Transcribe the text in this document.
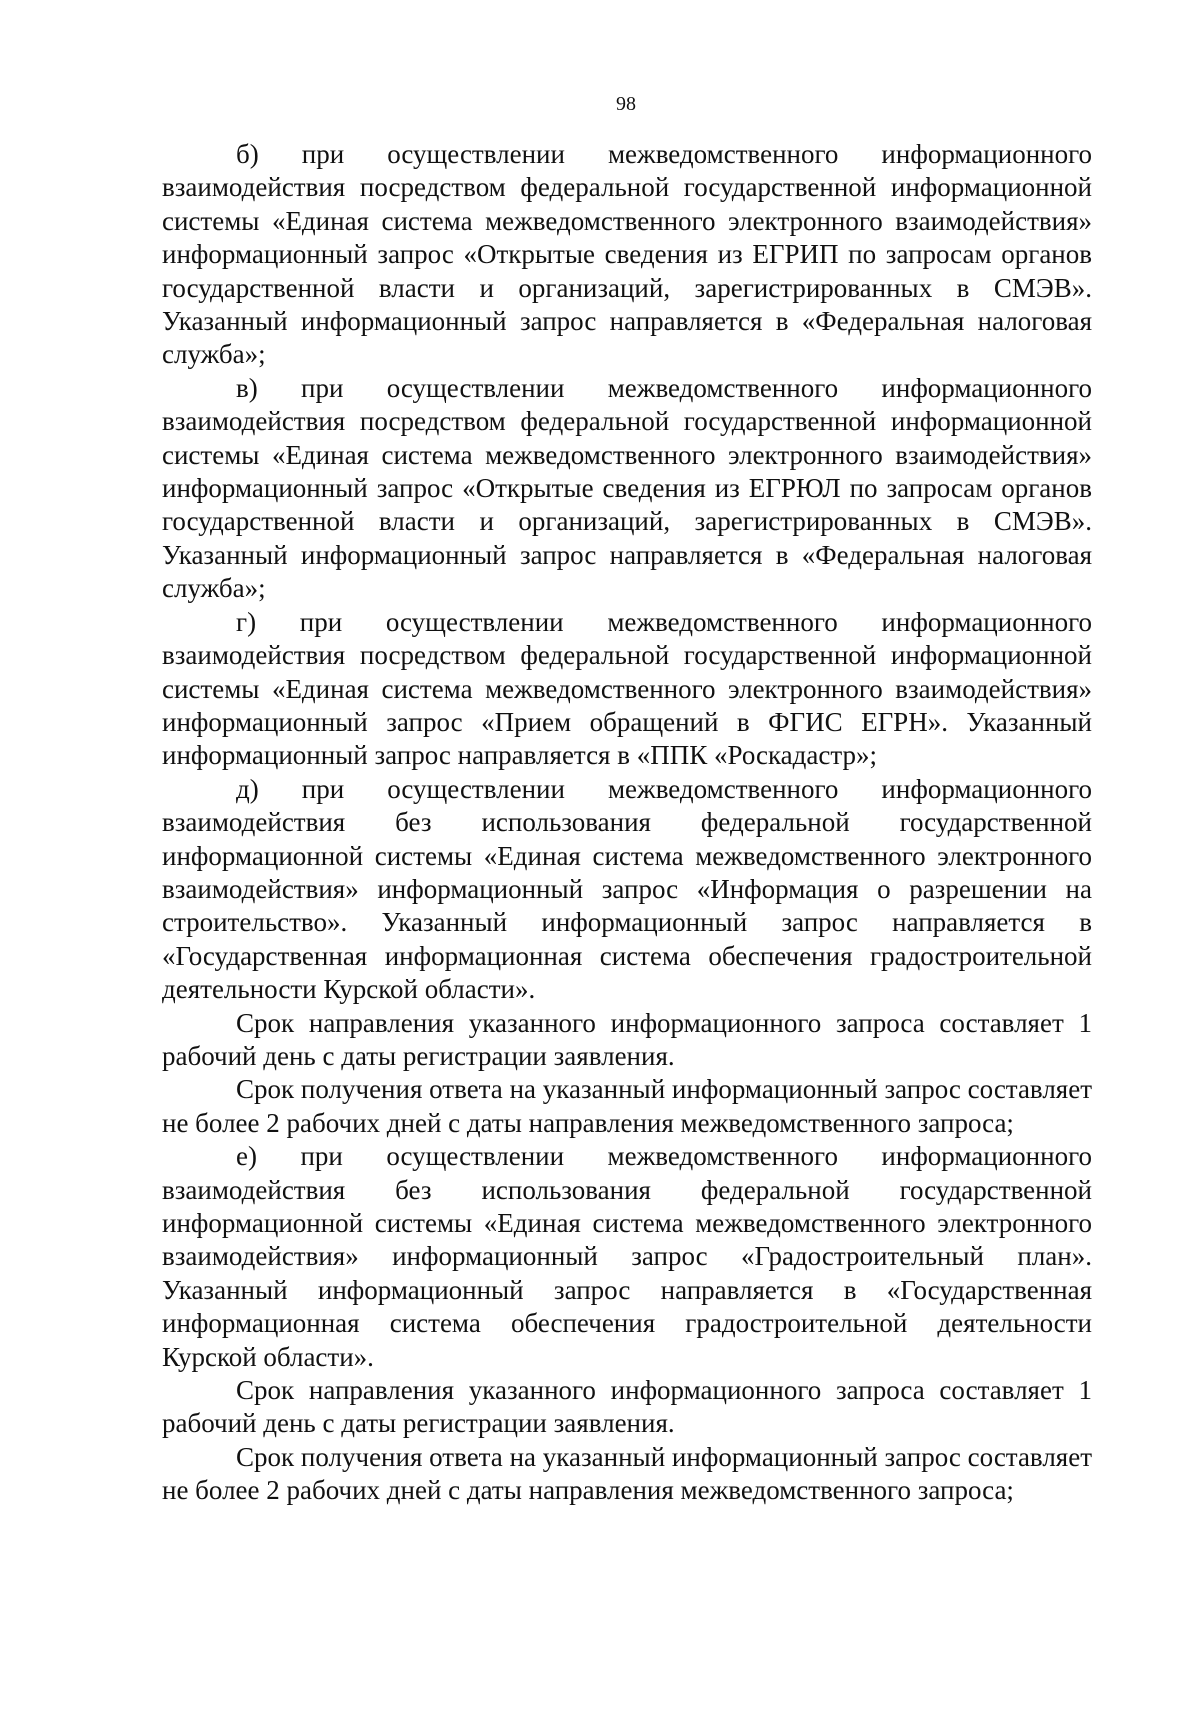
98

б) при осуществлении межведомственного информационного взаимодействия посредством федеральной государственной информационной системы «Единая система межведомственного электронного взаимодействия» информационный запрос «Открытые сведения из ЕГРИП по запросам органов государственной власти и организаций, зарегистрированных в СМЭВ». Указанный информационный запрос направляется в «Федеральная налоговая служба»;

в) при осуществлении межведомственного информационного взаимодействия посредством федеральной государственной информационной системы «Единая система межведомственного электронного взаимодействия» информационный запрос «Открытые сведения из ЕГРЮЛ по запросам органов государственной власти и организаций, зарегистрированных в СМЭВ». Указанный информационный запрос направляется в «Федеральная налоговая служба»;

г) при осуществлении межведомственного информационного взаимодействия посредством федеральной государственной информационной системы «Единая система межведомственного электронного взаимодействия» информационный запрос «Прием обращений в ФГИС ЕГРН». Указанный информационный запрос направляется в «ППК «Роскадастр»;

д) при осуществлении межведомственного информационного взаимодействия без использования федеральной государственной информационной системы «Единая система межведомственного электронного взаимодействия» информационный запрос «Информация о разрешении на строительство». Указанный информационный запрос направляется в «Государственная информационная система обеспечения градостроительной деятельности Курской области».

Срок направления указанного информационного запроса составляет 1 рабочий день с даты регистрации заявления.

Срок получения ответа на указанный информационный запрос составляет не более 2 рабочих дней с даты направления межведомственного запроса;

е) при осуществлении межведомственного информационного взаимодействия без использования федеральной государственной информационной системы «Единая система межведомственного электронного взаимодействия» информационный запрос «Градостроительный план». Указанный информационный запрос направляется в «Государственная информационная система обеспечения градостроительной деятельности Курской области».

Срок направления указанного информационного запроса составляет 1 рабочий день с даты регистрации заявления.

Срок получения ответа на указанный информационный запрос составляет не более 2 рабочих дней с даты направления межведомственного запроса;
